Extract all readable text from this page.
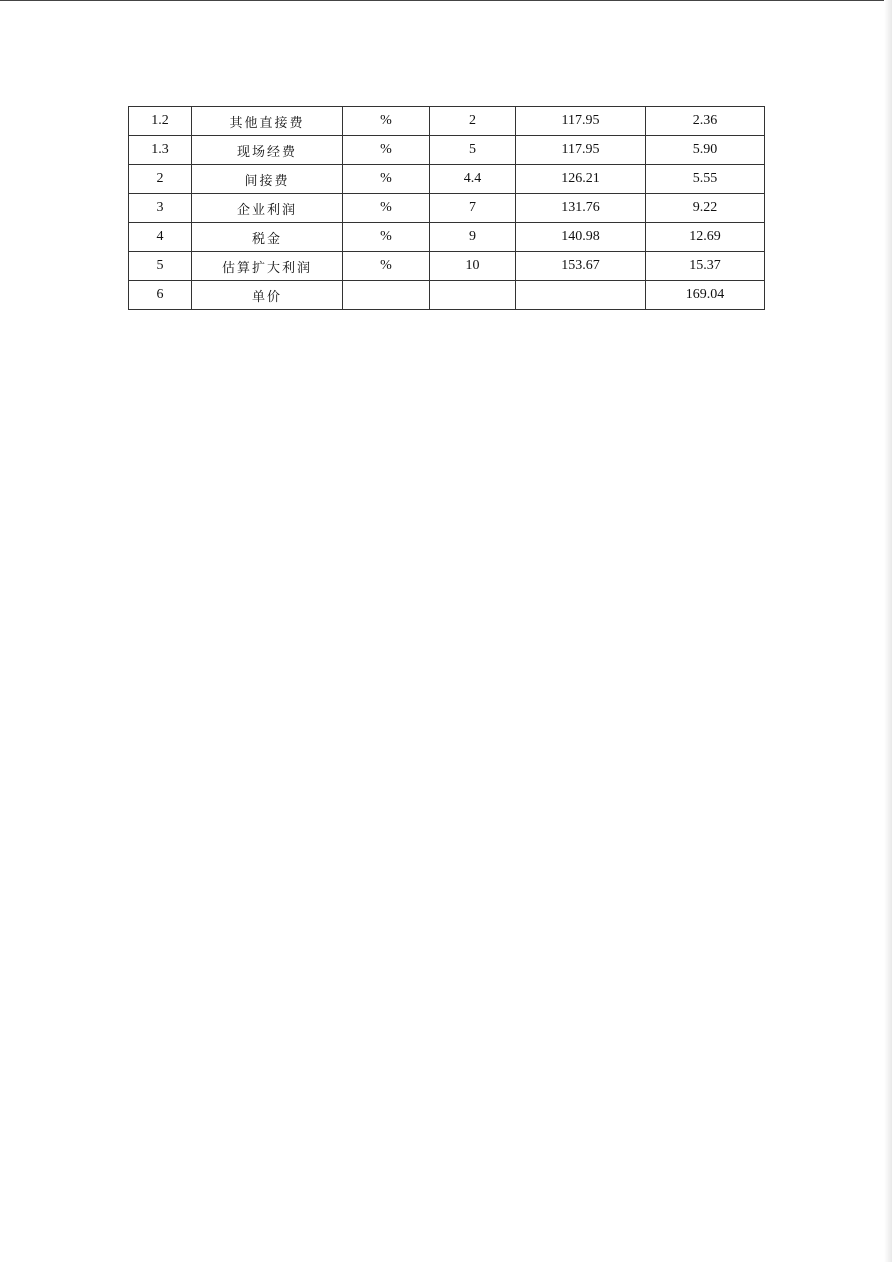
1.2	其他直接费	%	2	117.95	2.36
1.3	现场经费	%	5	117.95	5.90
2	间接费	%	4.4	126.21	5.55
3	企业利润	%	7	131.76	9.22
4	税金	%	9	140.98	12.69
5	估算扩大利润	%	10	153.67	15.37
6	单价				169.04
